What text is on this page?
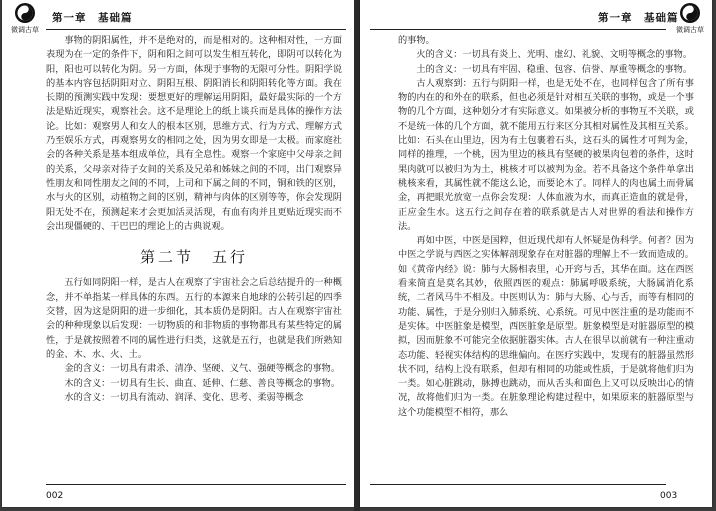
微调古草
第一章　基础篇

事物的阴阳属性，并不是绝对的，而是相对的。这种相对性，一方面表现为在一定的条件下，阴和阳之间可以发生相互转化，即阴可以转化为阳，阳也可以转化为阴。另一方面，体现于事物的无限可分性。阴阳学说的基本内容包括阴阳对立、阴阳互根、阴阳消长和阴阳转化等方面。我在长期的预测实践中发现：要想更好的理解运用阴阳，最好最实际的一个方法是贴近现实，观察社会。这不是理论上的纸上谈兵而是具体的操作方法论。比如：观察男人和女人的根本区别，思维方式、行为方式、理解方式乃至娱乐方式，再观察男女的相同之处，因为男女即是一太极。而家庭社会的各种关系是基本组成单位，具有全息性。观察一个家庭中父母亲之间的关系，父母亲对待子女间的关系及兄弟和姊妹之间的不同，出门观察异性朋友和同性朋友之间的不同，上司和下属之间的不同，铜和铁的区别，水与火的区别，动植物之间的区别，精神与肉体的区别等等，你会发现阴阳无处不在，预测起来才会更加活灵活现，有血有肉并且更贴近现实而不会出现僵硬的、干巴巴的理论上的古典说观。

第二节　五行

五行如同阴阳一样，是古人在观察了宇宙社会之后总结提升的一种概念，并不单指某一样具体的东西。五行的本源来自地球的公转引起的四季交替，因为这是阴阳的进一步细化，其本质仍是阴阳。古人在观察宇宙社会的种种现象以后发现：一切物质的和非物质的事物都具有某些特定的属性，于是就按照着不同的属性进行归类，这就是五行，也就是我们所熟知的金、木、水、火、土。

金的含义：一切具有肃杀、清净、坚硬、义气、强硬等概念的事物。

木的含义：一切具有生长、曲直、延伸、仁慈、善良等概念的事物。

水的含义：一切具有流动、润泽、变化、思考、柔弱等概念

002
第一章　基础篇
微调古草

的事物。

火的含义：一切具有炎上、光明、虚幻、礼貌、文明等概念的事物。

土的含义：一切具有牢固、稳重、包容、信誉、厚重等概念的事物。

古人观察到：五行与阴阳一样，也是无处不在，也同样包含了所有事物的内在的和外在的联系，但也必须是针对相互关联的事物，或是一个事物的几个方面，这种划分才有实际意义。如果被分析的事物互不关联，或不是统一体的几个方面，就不能用五行来区分其相对属性及其相互关系。比如：石头在山里边，因为有土包裹着石头，这石头的属性才可判为金，同样的推理，一个桃，因为里边的核具有坚硬的被果肉包着的条件，这时果肉就可以被归为为土，桃核才可以被判为金。若不具备这个条件单拿出桃核来看，其属性就不能这么论，而要论木了。同样人的肉也属土而骨属金，再把眼光放宽一点你会发现：人体血液为水，而真正造血的就是骨，正应金生水。这五行之间存在着的联系就是古人对世界的看法和操作方法。

再如中医，中医是国粹，但近现代却有人怀疑是伪科学。何者？因为中医之学说与西医之实体解剖现象存在对脏器的理解上不一致而造成的。如《黄帝内经》说：肺与大肠相表里，心开窍与舌，其华在面。这在西医看来简直是莫名其妙，依照西医的观点：肺属呼吸系统，大肠属消化系统，二者风马牛不相及。中医则认为：肺与大肠、心与舌，而等有相同的功能、属性，于是分别归入肺系统、心系统。可见中医注重的是功能而不是实体。中医脏象是模型，西医脏象是原型。脏象模型是对脏器原型的模拟，因而脏象不可能完全依据脏器实体。古人在很早以前就有一种注重动态功能、轻视实体结构的思维偏向。在医疗实践中，发现有的脏器虽然形状不同，结构上没有联系，但却有相同的功能或性质，于是就将他们归为一类。如心脏跳动，脉搏也跳动，而从舌头和面色上又可以反映出心的情况，故将他们归为一类。在脏象理论构建过程中，如果原来的脏器原型与这个功能模型不相符，那么

003
